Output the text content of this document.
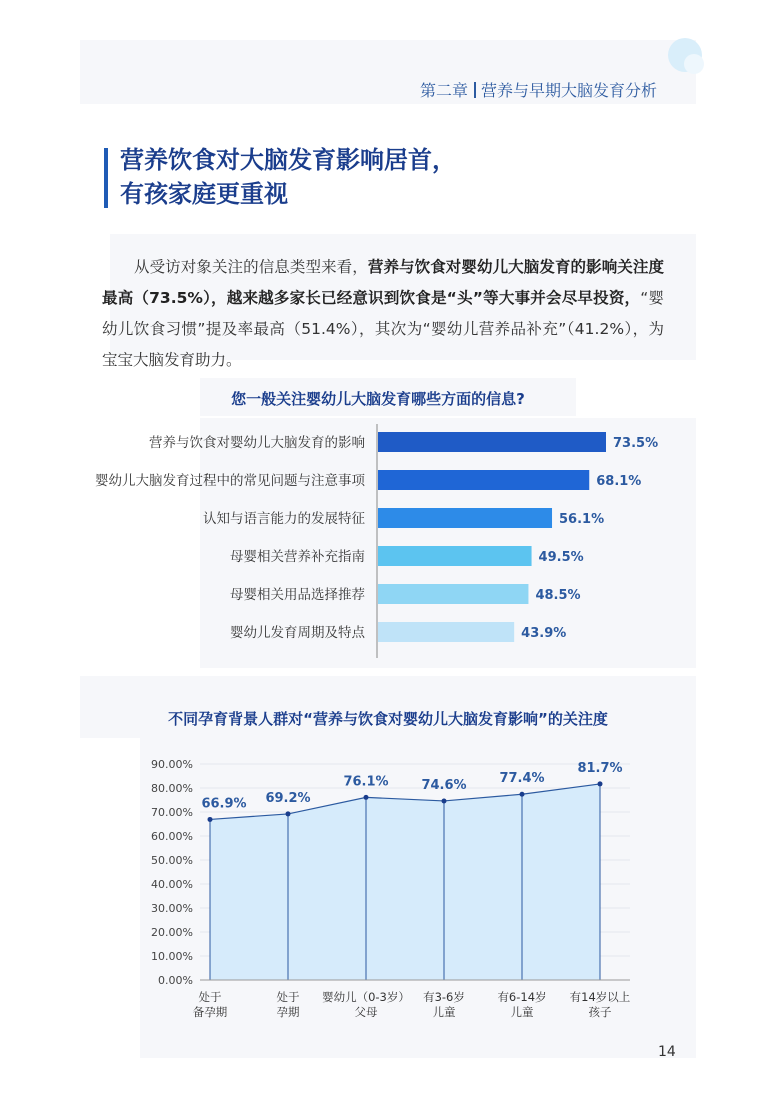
第二章 营养与早期大脑发育分析
营养饮食对大脑发育影响居首，
有孩家庭更重视
从受访对象关注的信息类型来看，营养与饮食对婴幼儿大脑发育的影响关注度最高（73.5%），越来越多家长已经意识到饮食是“头”等大事并会尽早投资，“婴幼儿饮食习惯”提及率最高（51.4%），其次为“婴幼儿营养品补充”（41.2%），为宝宝大脑发育助力。
您一般关注婴幼儿大脑发育哪些方面的信息?
营养与饮食对婴幼儿大脑发育的影响	73.5%
婴幼儿大脑发育过程中的常见问题与注意事项	68.1%
认知与语言能力的发展特征	56.1%
母婴相关营养补充指南	49.5%
母婴相关用品选择推荐	48.5%
婴幼儿发育周期及特点	43.9%
不同孕育背景人群对“营养与饮食对婴幼儿大脑发育影响”的关注度
0.00%
10.00%
20.00%
30.00%
40.00%
50.00%
60.00%
70.00%
80.00%
90.00%
66.9% 69.2%
76.1%	74.6%	77.4%
81.7%
处于
备孕期
处于
孕期
婴幼儿（0-3岁）
父母
有3-6岁
儿童
有6-14岁
儿童
有14岁以上
孩子
14
